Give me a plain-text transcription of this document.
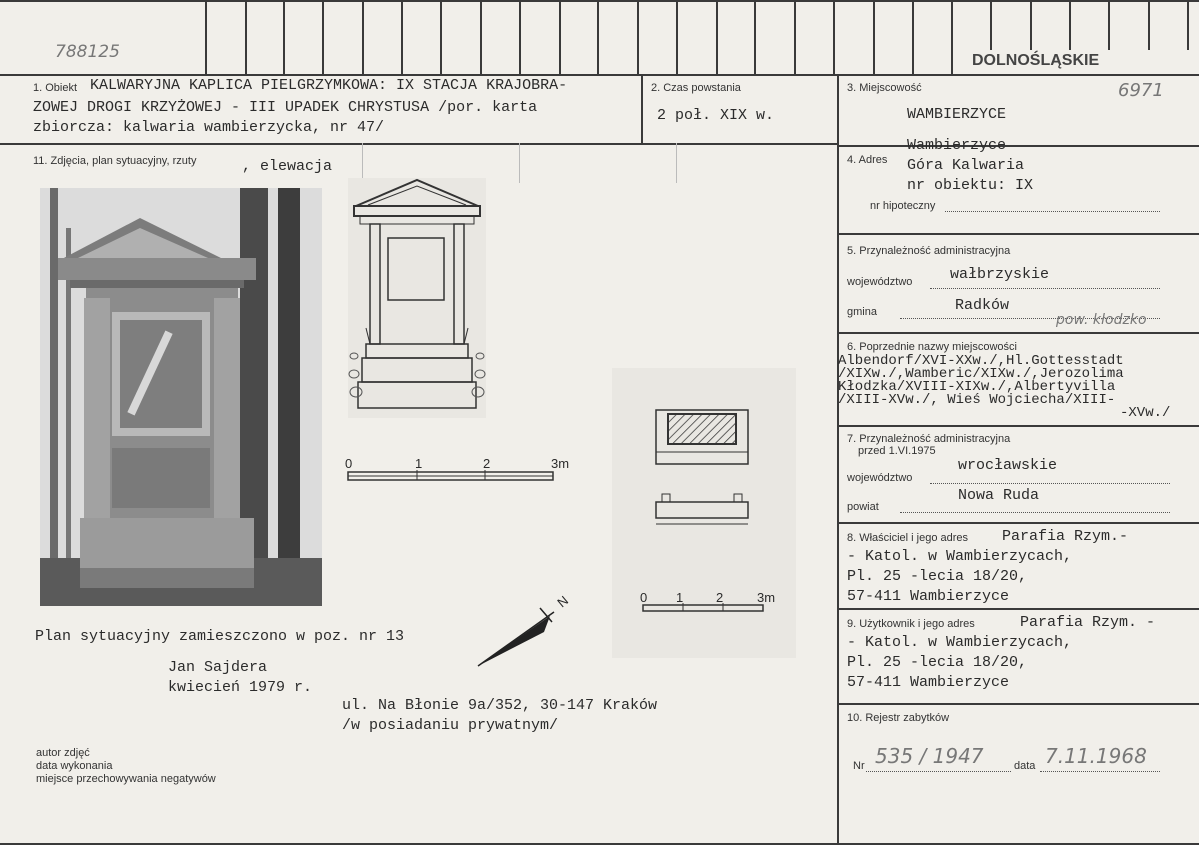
788125	DOLNOŚLĄSKIE
6971
1. Obiekt KALWARYJNA KAPLICA PIELGRZYMKOWA: IX STACJA KRAJOBRA-
ZOWEJ DROGI KRZYŻOWEJ - III UPADEK CHRYSTUSA /por. karta
zbiorcza: kalwaria wambierzycka, nr 47/
2. Czas powstania
2 poł. XIX w.
3. Miejscowość
WAMBIERZYCE
4. Adres
Wambierzyce
Góra Kalwaria
nr obiektu: IX
nr hipoteczny
5. Przynależność administracyjna
województwo	wałbrzyskie
gmina	Radków
pow. kłodzko
6. Poprzednie nazwy miejscowości
Albendorf/XVI-XXw./,Hl.Gottesstadt
/XIXw./,Wamberic/XIXw./,Jerozolima
Kłodzka/XVIII-XIXw./,Albertyvilla
/XIII-XVw./, Wieś Wojciecha/XIII-
-XVw./
7. Przynależność administracyjna
przed 1.VI.1975
województwo
wrocławskie
powiat
Nowa Ruda
8. Właściciel i jego adres Parafia Rzym.-
- Katol. w Wambierzycach,
Pl. 25 -lecia 18/20,
57-411 Wambierzyce
9. Użytkownik i jego adres	Parafia Rzym. -
- Katol. w Wambierzycach,
Pl. 25 -lecia 18/20,
57-411 Wambierzyce
10. Rejestr zabytków
Nr 535 / 1947	data 7.11.1968
11. Zdjęcia, plan sytuacyjny, rzuty	, elewacja
0	1	2	3m
0 1	2	3m
N
Plan sytuacyjny zamieszczono w poz. nr 13
Jan Sajdera
kwiecień 1979 r.
ul. Na Błonie 9a/352, 30-147 Kraków
/w posiadaniu prywatnym/
autor zdjęć
data wykonania
miejsce przechowywania negatywów
